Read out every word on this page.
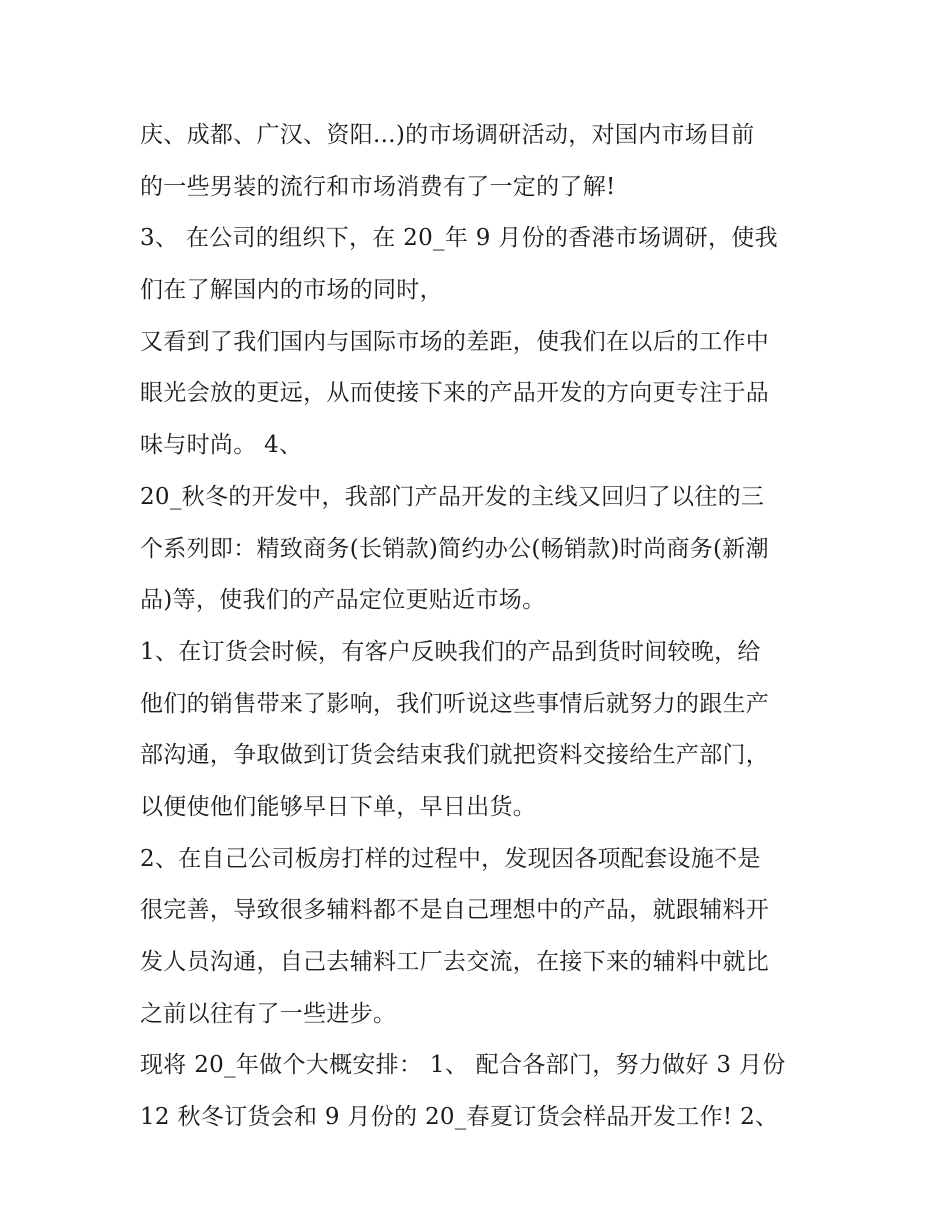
庆、成都、广汉、资阳...)的市场调研活动，对国内市场目前
的一些男装的流行和市场消费有了一定的了解!
3、 在公司的组织下，在 20_年 9 月份的香港市场调研，使我
们在了解国内的市场的同时，
又看到了我们国内与国际市场的差距，使我们在以后的工作中
眼光会放的更远，从而使接下来的产品开发的方向更专注于品
味与时尚。 4、
20_秋冬的开发中，我部门产品开发的主线又回归了以往的三
个系列即：精致商务(长销款)简约办公(畅销款)时尚商务(新潮
品)等，使我们的产品定位更贴近市场。
1、在订货会时候，有客户反映我们的产品到货时间较晚，给
他们的销售带来了影响，我们听说这些事情后就努力的跟生产
部沟通，争取做到订货会结束我们就把资料交接给生产部门，
以便使他们能够早日下单，早日出货。
2、在自己公司板房打样的过程中，发现因各项配套设施不是
很完善，导致很多辅料都不是自己理想中的产品，就跟辅料开
发人员沟通，自己去辅料工厂去交流，在接下来的辅料中就比
之前以往有了一些进步。
现将 20_年做个大概安排： 1、 配合各部门，努力做好 3 月份
12 秋冬订货会和 9 月份的 20_春夏订货会样品开发工作! 2、
